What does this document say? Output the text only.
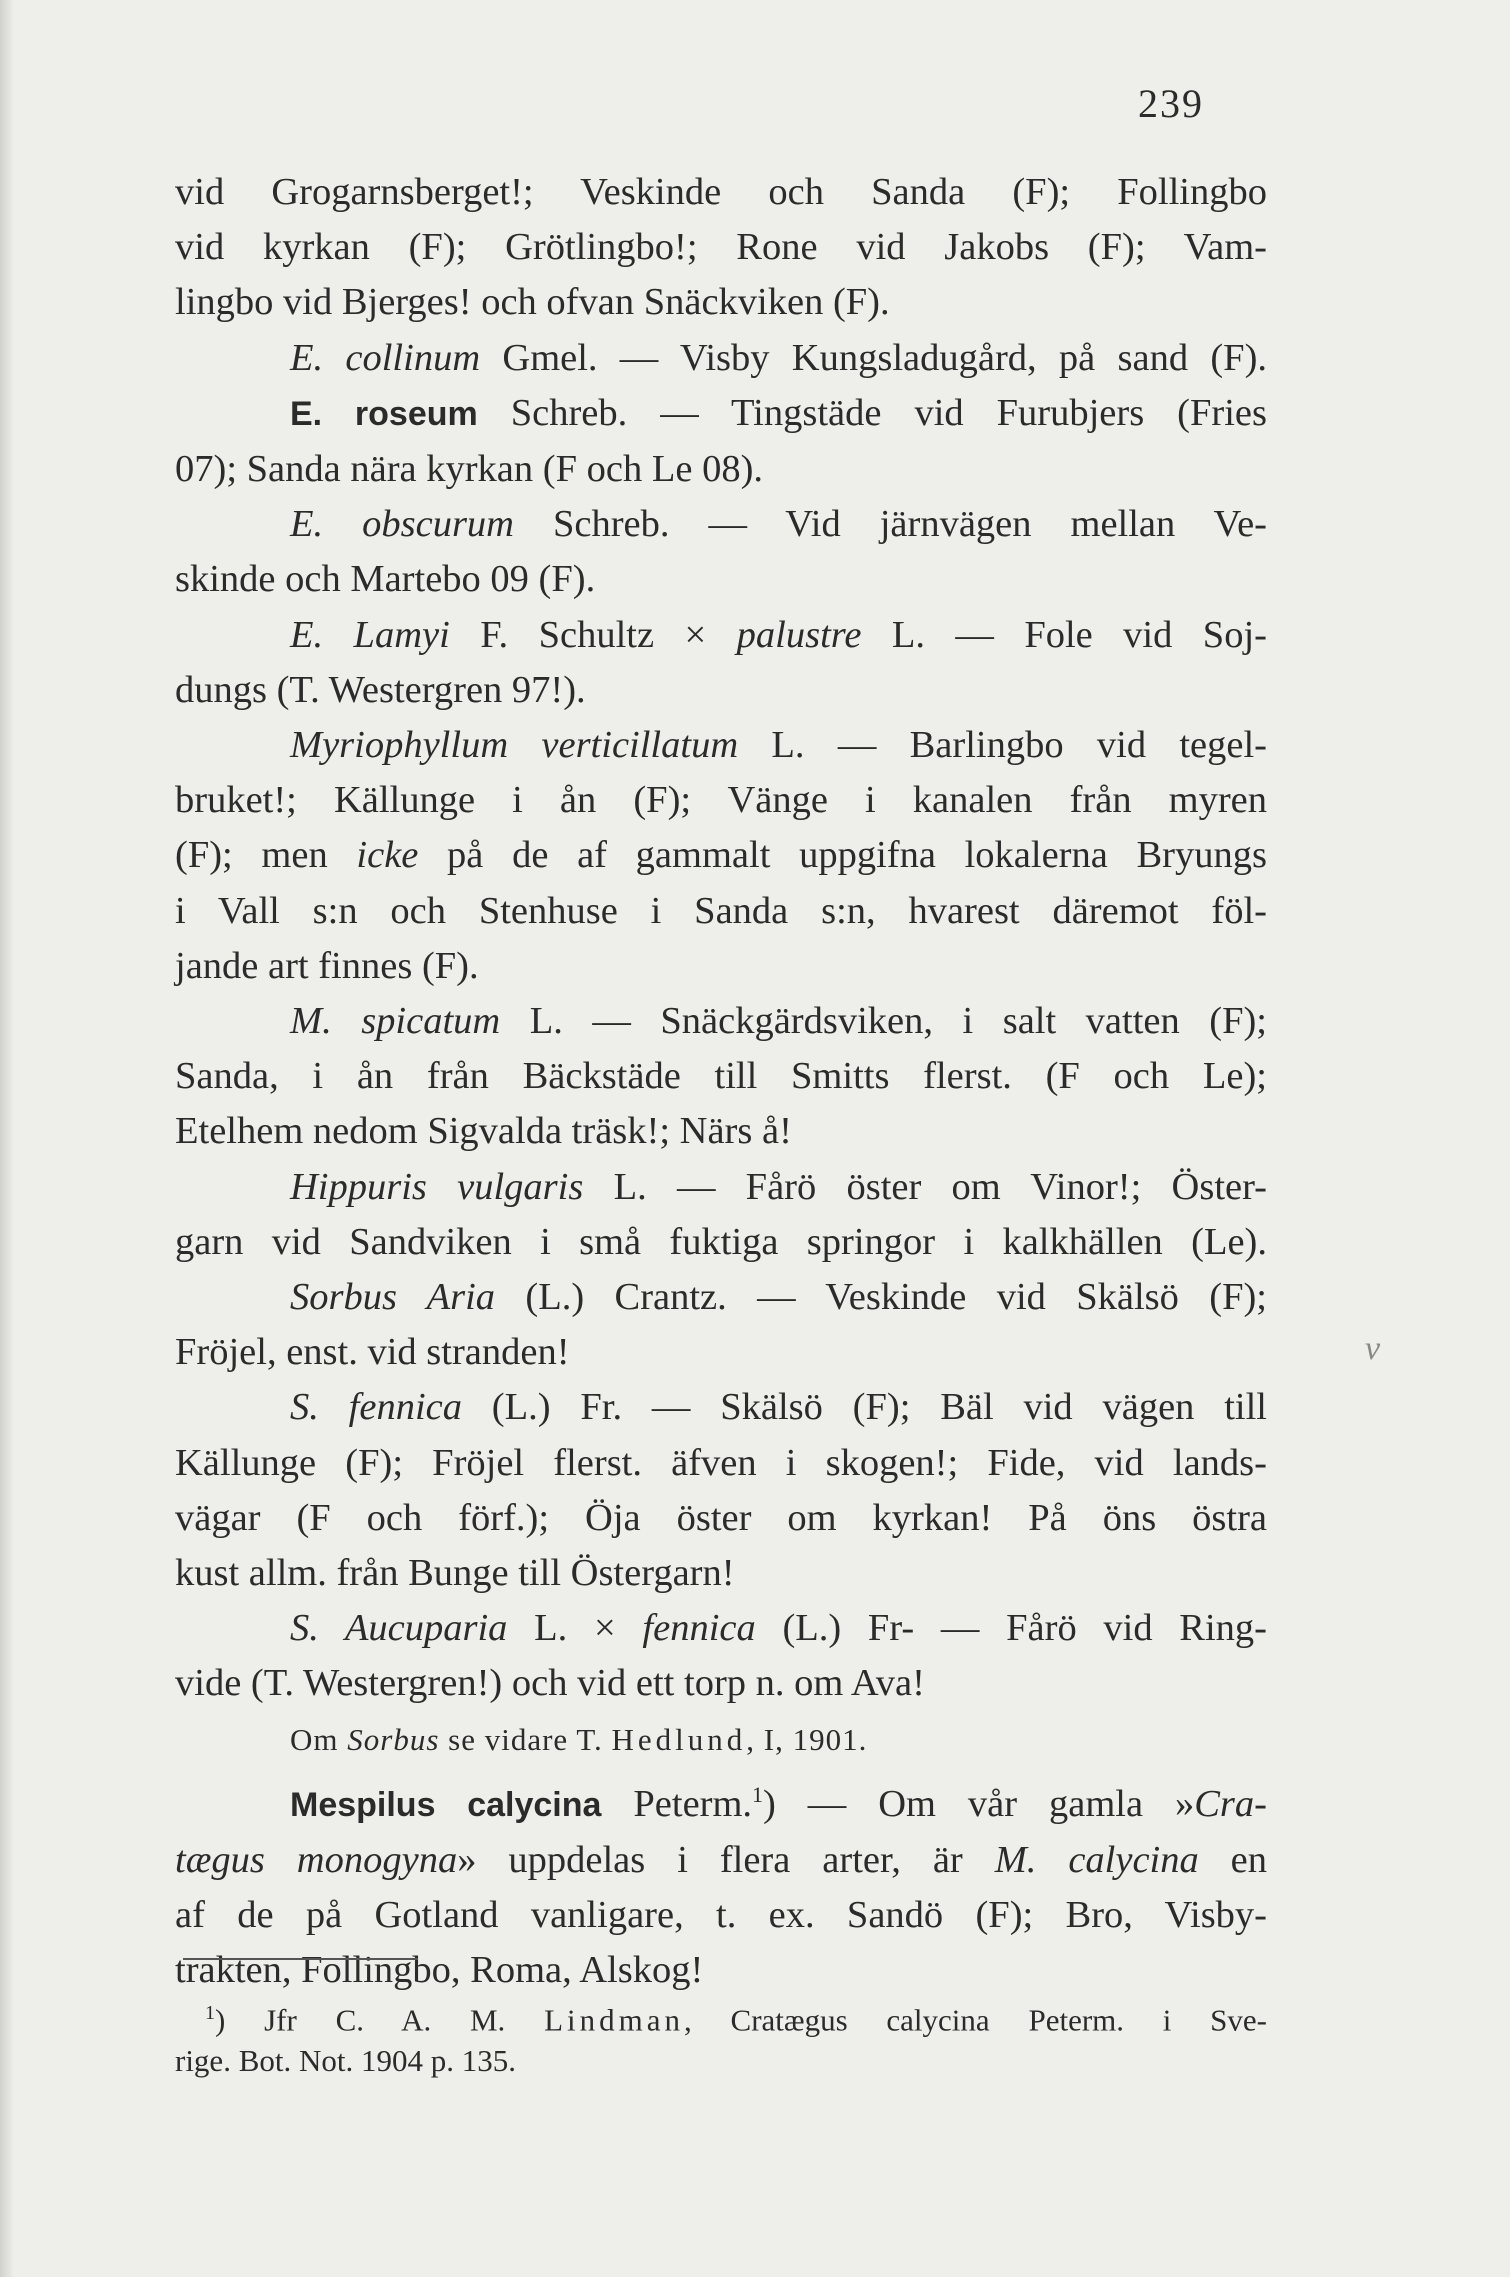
239
vid Grogarnsberget!; Veskinde och Sanda (F); Follingbo
vid kyrkan (F); Grötlingbo!; Rone vid Jakobs (F); Vam-
lingbo vid Bjerges! och ofvan Snäckviken (F).
E. collinum Gmel. — Visby Kungsladugård, på sand (F).
E. roseum Schreb. — Tingstäde vid Furubjers (Fries
07); Sanda nära kyrkan (F och Le 08).
E. obscurum Schreb. — Vid järnvägen mellan Ve-
skinde och Martebo 09 (F).
E. Lamyi F. Schultz × palustre L. — Fole vid Soj-
dungs (T. Westergren 97!).
Myriophyllum verticillatum L. — Barlingbo vid tegel-
bruket!; Källunge i ån (F); Vänge i kanalen från myren
(F); men icke på de af gammalt uppgifna lokalerna Bryungs
i Vall s:n och Stenhuse i Sanda s:n, hvarest däremot föl-
jande art finnes (F).
M. spicatum L. — Snäckgärdsviken, i salt vatten (F);
Sanda, i ån från Bäckstäde till Smitts flerst. (F och Le);
Etelhem nedom Sigvalda träsk!; Närs å!
Hippuris vulgaris L. — Fårö öster om Vinor!; Öster-
garn vid Sandviken i små fuktiga springor i kalkhällen (Le).
Sorbus Aria (L.) Crantz. — Veskinde vid Skälsö (F);
Fröjel, enst. vid stranden!
S. fennica (L.) Fr. — Skälsö (F); Bäl vid vägen till
Källunge (F); Fröjel flerst. äfven i skogen!; Fide, vid lands-
vägar (F och förf.); Öja öster om kyrkan! På öns östra
kust allm. från Bunge till Östergarn!
S. Aucuparia L. × fennica (L.) Fr- — Fårö vid Ring-
vide (T. Westergren!) och vid ett torp n. om Ava!
Om Sorbus se vidare T. Hedlund, I, 1901.
Mespilus calycina Peterm.$^1$) — Om vår gamla »Cra-
tægus monogyna» uppdelas i flera arter, är M. calycina en
af de på Gotland vanligare, t. ex. Sandö (F); Bro, Visby-
trakten, Follingbo, Roma, Alskog!
v
$^1$) Jfr C. A. M. Lindman, Cratægus calycina Peterm. i Sve-
rige. Bot. Not. 1904 p. 135.
